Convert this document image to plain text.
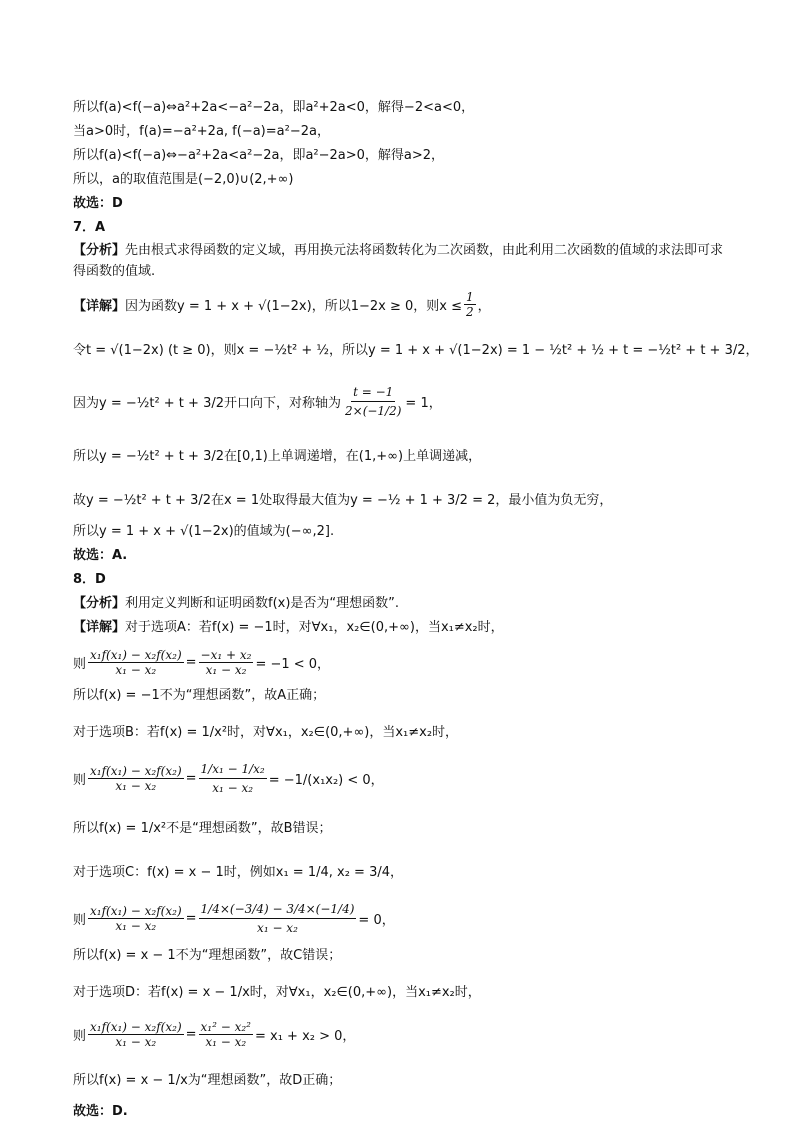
所以f(a)<f(−a)⇔a²+2a<−a²−2a，即a²+2a<0，解得−2<a<0，
当a>0时，f(a)=−a²+2a, f(−a)=a²−2a，
所以f(a)<f(−a)⇔−a²+2a<a²−2a，即a²−2a>0，解得a>2，
所以，a的取值范围是(−2,0)∪(2,+∞)
故选：D
7．A
【分析】先由根式求得函数的定义域，再用换元法将函数转化为二次函数，由此利用二次函数的值域的求法即可求得函数的值域.
【详解】 因为函数y = 1 + x + √(1−2x)，所以1−2x ≥ 0，则$x \le \frac{1}{2}$ ，
令t = √(1−2x) (t ≥ 0)，则x = −½t² + ½，所以y = 1 + x + √(1−2x) = 1 − ½t² + ½ + t = −½t² + t + 3/2，
因为y = −½t² + t + 3/2开口向下，对称轴为 $\frac{t = -1}{2\times(-1/2)} = 1$，
所以y = −½t² + t + 3/2在[0,1)上单调递增，在(1,+∞)上单调递减，
故y = −½t² + t + 3/2在x = 1处取得最大值为y = −½ + 1 + 3/2 = 2，最小值为负无穷，
所以y = 1 + x + √(1−2x)的值域为(−∞,2].
故选：A.
8．D
【分析】利用定义判断和证明函数f(x)是否为“理想函数”.
【详解】对于选项A：若f(x) = −1时，对∀x₁，x₂∈(0,+∞)，当x₁≠x₂时，
则 $\frac{\text{x₁f(x₁) − x₂f(x₂)}}{\text{x₁ − x₂}} = \frac{\text{−x₁ + x₂}}{\text{x₁ − x₂}} = -1 < 0$，
所以f(x) = −1不为“理想函数”，故A正确；
对于选项B：若f(x) = 1/x²时，对∀x₁，x₂∈(0,+∞)，当x₁≠x₂时，
则 $\frac{\text{x₁f(x₁) − x₂f(x₂)}}{\text{x₁ − x₂}} = \frac{\text{1/x₁ − 1/x₂}}{\text{x₁ − x₂}} = -1/(x_1x_2) < 0$，
所以f(x) = 1/x²不是“理想函数”，故B错误；
对于选项C：f(x) = x − 1时，例如x₁ = 1/4, x₂ = 3/4，
则 $\frac{\text{x₁f(x₁) − x₂f(x₂)}}{\text{x₁ − x₂}} = \frac{1/4\times(-3/4) - 3/4\times(-1/4)}{\text{x₁ − x₂}} = 0$，
所以f(x) = x − 1不为“理想函数”，故C错误；
对于选项D：若f(x) = x − 1/x时，对∀x₁，x₂∈(0,+∞)，当x₁≠x₂时，
则 $\frac{\text{x₁f(x₁) − x₂f(x₂)}}{\text{x₁ − x₂}} = \frac{\text{x₁² − x₂²}}{\text{x₁ − x₂}} = x_1 + x_2 > 0$，
所以f(x) = x − 1/x为“理想函数”，故D正确；
故选：D.
